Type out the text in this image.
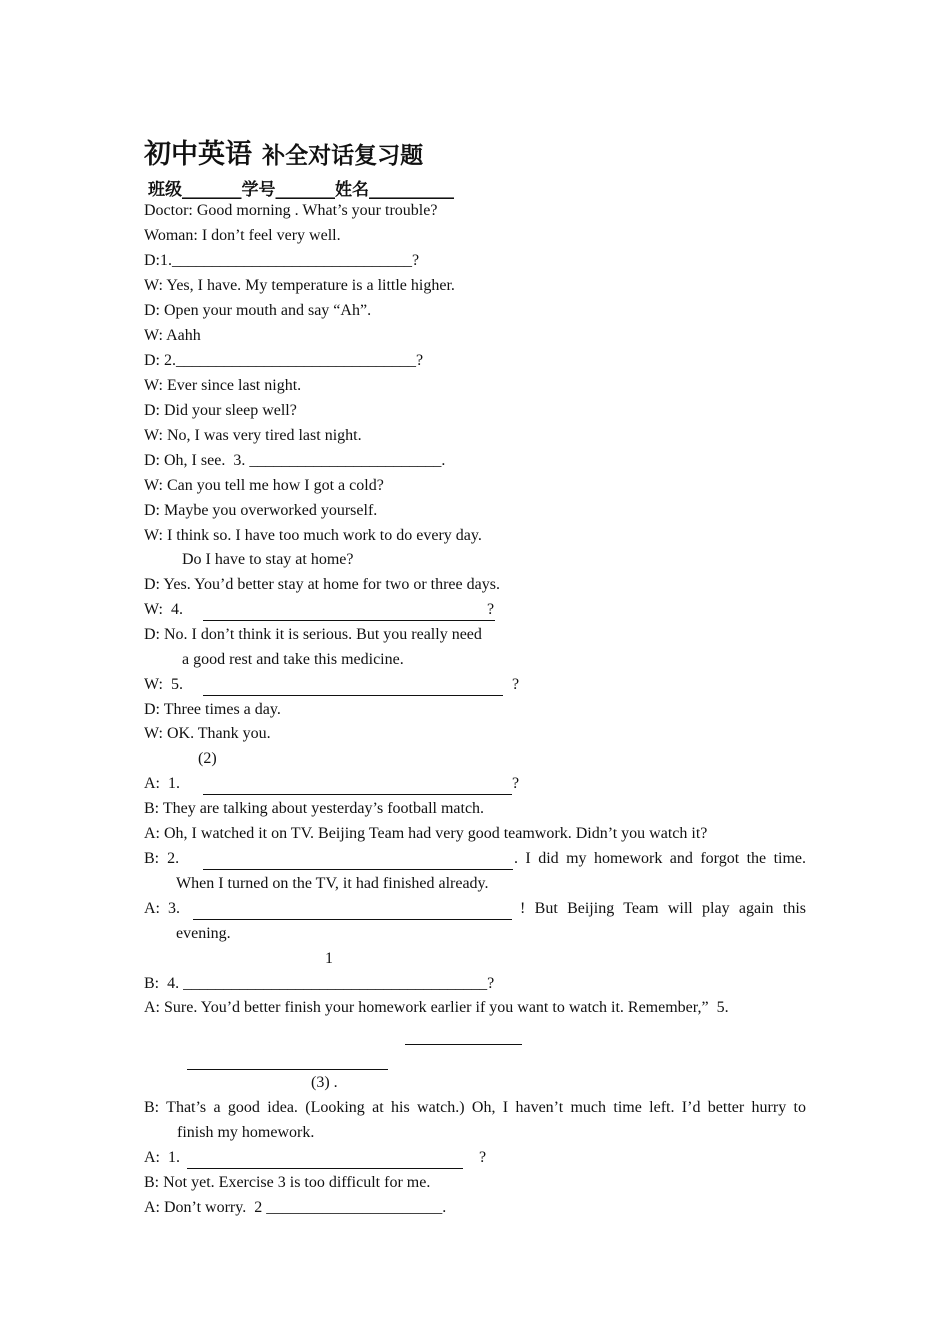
初中英语 补全对话复习题
班级_______学号_______姓名__________
Doctor: Good morning . What’s your trouble?
Woman: I don’t feel very well.
D:1.______________________________?
W: Yes, I have. My temperature is a little higher.
D: Open your mouth and say “Ah”.
W: Aahh
D: 2.______________________________?
W: Ever since last night.
D: Did your sleep well?
W: No, I was very tired last night.
D: Oh, I see.  3. ________________________.
W: Can you tell me how I got a cold?
D: Maybe you overworked yourself.
W: I think so. I have too much work to do every day.
Do I have to stay at home?
D: Yes. You’d better stay at home for two or three days.
W:  4.	?
D: No. I don’t think it is serious. But you really need
a good rest and take this medicine.
W:  5.	?
D: Three times a day.
W: OK. Thank you.
(2)
A:  1.	?
B: They are talking about yesterday’s football match.
A: Oh, I watched it on TV. Beijing Team had very good teamwork. Didn’t you watch it?
B:  2.	. I did my homework and forgot the time.
When I turned on the TV, it had finished already.
A:  3.	! But Beijing Team will play again this
evening.
1
B:  4. ______________________________________?
A: Sure. You’d better finish your homework earlier if you want to watch it. Remember,”  5.
(3) .
B: That’s a good idea. (Looking at his watch.) Oh, I haven’t much time left. I’d better hurry to
finish my homework.
A:  1.	?
B: Not yet. Exercise 3 is too difficult for me.
A: Don’t worry.  2 ______________________.
